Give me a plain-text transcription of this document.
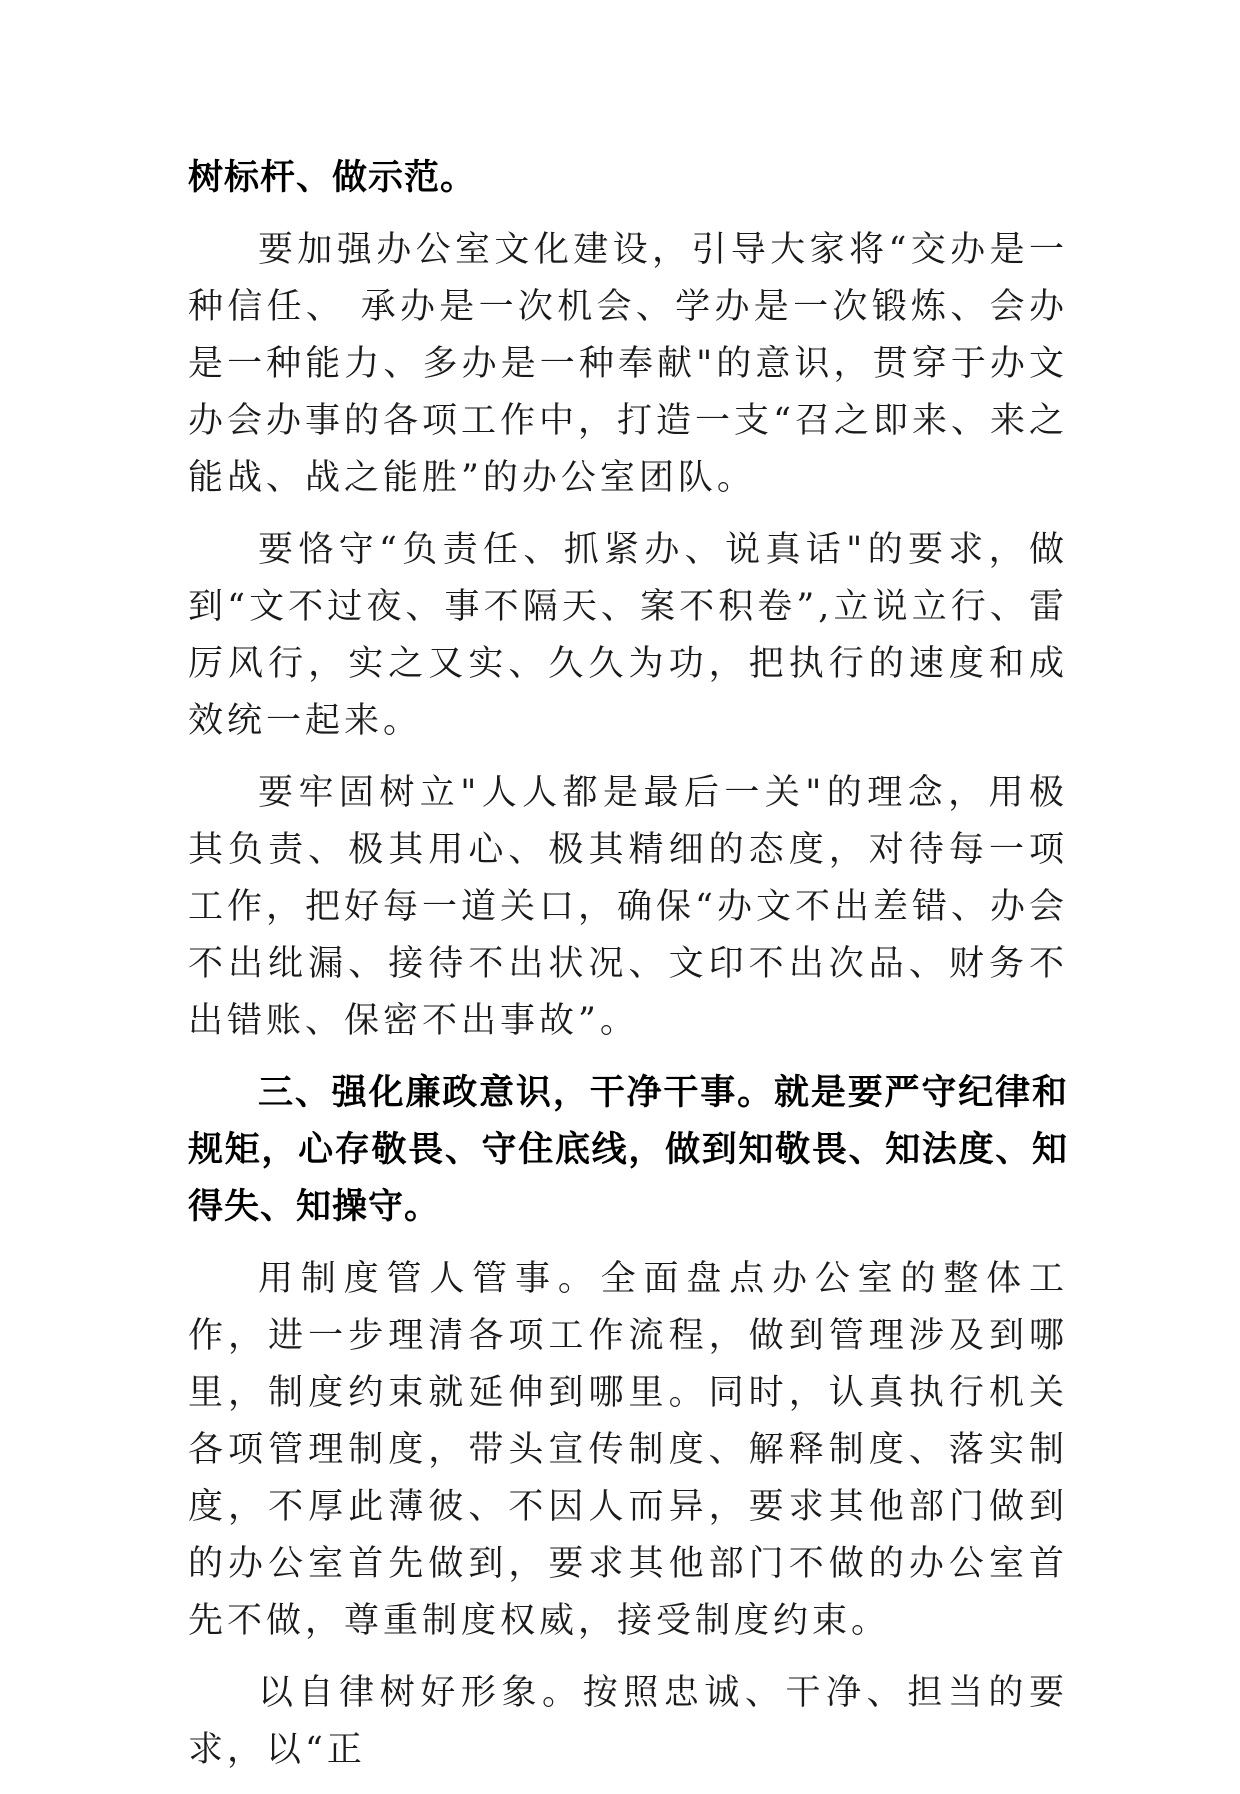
树标杆、做示范。

要加强办公室文化建设，引导大家将“交办是一种信任、 承办是一次机会、学办是一次锻炼、会办是一种能力、多办是一种奉献"的意识，贯穿于办文办会办事的各项工作中，打造一支“召之即来、来之能战、战之能胜”的办公室团队。

要恪守“负责任、抓紧办、说真话"的要求，做到“文不过夜、事不隔天、案不积卷”,立说立行、雷厉风行，实之又实、久久为功，把执行的速度和成效统一起来。

要牢固树立"人人都是最后一关"的理念，用极其负责、极其用心、极其精细的态度，对待每一项工作，把好每一道关口，确保“办文不出差错、办会不出纰漏、接待不出状况、文印不出次品、财务不出错账、保密不出事故”。

三、强化廉政意识，干净干事。就是要严守纪律和规矩，心存敬畏、守住底线，做到知敬畏、知法度、知得失、知操守。

用制度管人管事。全面盘点办公室的整体工作，进一步理清各项工作流程，做到管理涉及到哪里，制度约束就延伸到哪里。同时，认真执行机关各项管理制度，带头宣传制度、解释制度、落实制度，不厚此薄彼、不因人而异，要求其他部门做到的办公室首先做到，要求其他部门不做的办公室首先不做，尊重制度权威，接受制度约束。

以自律树好形象。按照忠诚、干净、担当的要求，以“正
